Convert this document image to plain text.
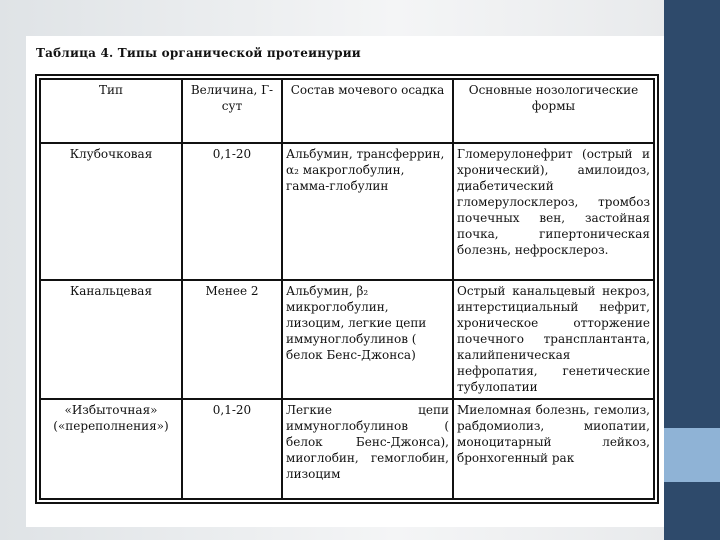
Таблица 4. Типы органической протеинурии
Тип	Величина, Г-сут	Состав мочевого осадка	Основные нозологические формы
Клубочковая	0,1-20	Альбумин, трансферрин, α₂ макроглобулин, гамма-глобулин	Гломерулонефрит (острый и хронический), амилоидоз, диабетический гломерулосклероз, тромбоз почечных вен, застойная почка, гипертоническая болезнь, нефросклероз.
Канальцевая	Менее 2	Альбумин, β₂ микроглобулин, лизоцим, легкие цепи иммуноглобулинов ( белок Бенс-Джонса)	Острый канальцевый некроз, интерстициальный нефрит, хроническое отторжение почечного трансплантанта, калийпеническая нефропатия, генетические тубулопатии
«Избыточная» («переполнения»)	0,1-20	Легкие цепи иммуноглобулинов ( белок Бенс-Джонса), миоглобин, гемоглобин, лизоцим	Миеломная болезнь, гемолиз, рабдомиолиз, миопатии, моноцитарный лейкоз, бронхогенный рак
